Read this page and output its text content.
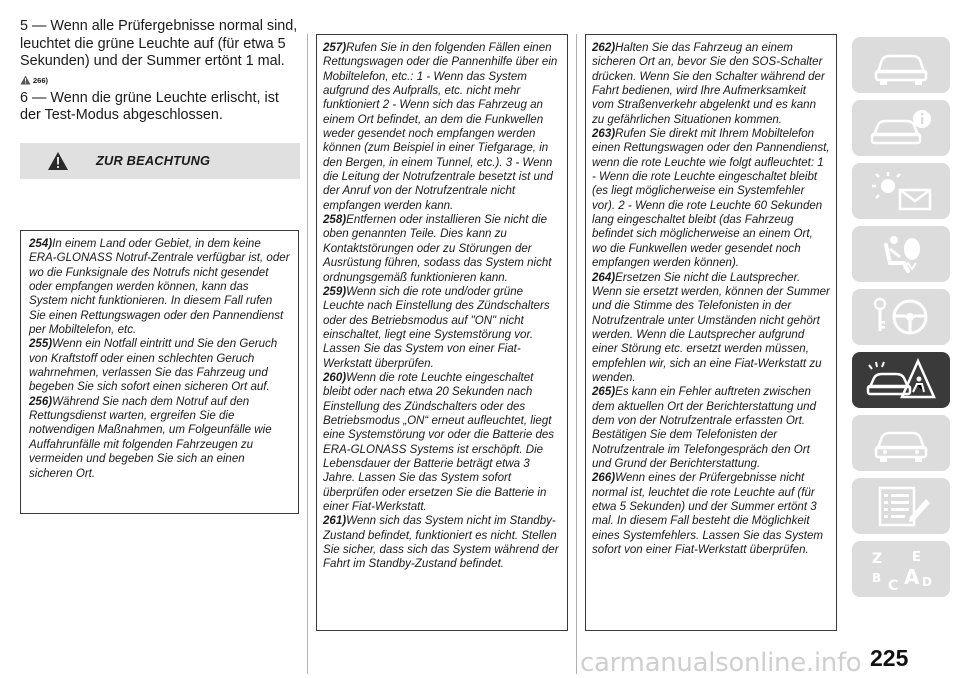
5 — Wenn alle Prüfergebnisse normal sind, leuchtet die grüne Leuchte auf (für etwa 5 Sekunden) und der Summer ertönt 1 mal.

266)

6 — Wenn die grüne Leuchte erlischt, ist der Test-Modus abgeschlossen.

ZUR BEACHTUNG

254)In einem Land oder Gebiet, in dem keine ERA-GLONASS Notruf-Zentrale verfügbar ist, oder wo die Funksignale des Notrufs nicht gesendet oder empfangen werden können, kann das System nicht funktionieren. In diesem Fall rufen Sie einen Rettungswagen oder den Pannendienst per Mobiltelefon, etc.

255)Wenn ein Notfall eintritt und Sie den Geruch von Kraftstoff oder einen schlechten Geruch wahrnehmen, verlassen Sie das Fahrzeug und begeben Sie sich sofort einen sicheren Ort auf.

256)Während Sie nach dem Notruf auf den Rettungsdienst warten, ergreifen Sie die notwendigen Maßnahmen, um Folgeunfälle wie Auffahrunfälle mit folgenden Fahrzeugen zu vermeiden und begeben Sie sich an einen sicheren Ort.

257)Rufen Sie in den folgenden Fällen einen Rettungswagen oder die Pannenhilfe über ein Mobiltelefon, etc.: 1 - Wenn das System aufgrund des Aufpralls, etc. nicht mehr funktioniert 2 - Wenn sich das Fahrzeug an einem Ort befindet, an dem die Funkwellen weder gesendet noch empfangen werden können (zum Beispiel in einer Tiefgarage, in den Bergen, in einem Tunnel, etc.). 3 - Wenn die Leitung der Notrufzentrale besetzt ist und der Anruf von der Notrufzentrale nicht empfangen werden kann.

258)Entfernen oder installieren Sie nicht die oben genannten Teile. Dies kann zu Kontaktstörungen oder zu Störungen der Ausrüstung führen, sodass das System nicht ordnungsgemäß funktionieren kann.

259)Wenn sich die rote und/oder grüne Leuchte nach Einstellung des Zündschalters oder des Betriebsmodus auf "ON" nicht einschaltet, liegt eine Systemstörung vor. Lassen Sie das System von einer Fiat-Werkstatt überprüfen.

260)Wenn die rote Leuchte eingeschaltet bleibt oder nach etwa 20 Sekunden nach Einstellung des Zündschalters oder des Betriebsmodus „ON“ erneut aufleuchtet, liegt eine Systemstörung vor oder die Batterie des ERA-GLONASS Systems ist erschöpft. Die Lebensdauer der Batterie beträgt etwa 3 Jahre. Lassen Sie das System sofort überprüfen oder ersetzen Sie die Batterie in einer Fiat-Werkstatt.

261)Wenn sich das System nicht im Standby-Zustand befindet, funktioniert es nicht. Stellen Sie sicher, dass sich das System während der Fahrt im Standby-Zustand befindet.

262)Halten Sie das Fahrzeug an einem sicheren Ort an, bevor Sie den SOS-Schalter drücken. Wenn Sie den Schalter während der Fahrt bedienen, wird Ihre Aufmerksamkeit vom Straßenverkehr abgelenkt und es kann zu gefährlichen Situationen kommen.

263)Rufen Sie direkt mit Ihrem Mobiltelefon einen Rettungswagen oder den Pannendienst, wenn die rote Leuchte wie folgt aufleuchtet: 1 - Wenn die rote Leuchte eingeschaltet bleibt (es liegt möglicherweise ein Systemfehler vor). 2 - Wenn die rote Leuchte 60 Sekunden lang eingeschaltet bleibt (das Fahrzeug befindet sich möglicherweise an einem Ort, wo die Funkwellen weder gesendet noch empfangen werden können).

264)Ersetzen Sie nicht die Lautsprecher. Wenn sie ersetzt werden, können der Summer und die Stimme des Telefonisten in der Notrufzentrale unter Umständen nicht gehört werden. Wenn die Lautsprecher aufgrund einer Störung etc. ersetzt werden müssen, empfehlen wir, sich an eine Fiat-Werkstatt zu wenden.

265)Es kann ein Fehler auftreten zwischen dem aktuellen Ort der Berichterstattung und dem von der Notrufzentrale erfassten Ort. Bestätigen Sie dem Telefonisten der Notrufzentrale im Telefongespräch den Ort und Grund der Berichterstattung.

266)Wenn eines der Prüfergebnisse nicht normal ist, leuchtet die rote Leuchte auf (für etwa 5 Sekunden) und der Summer ertönt 3 mal. In diesem Fall besteht die Möglichkeit eines Systemfehlers. Lassen Sie das System sofort von einer Fiat-Werkstatt überprüfen.

Z E
B C A D
carmanualsonline.info 225
